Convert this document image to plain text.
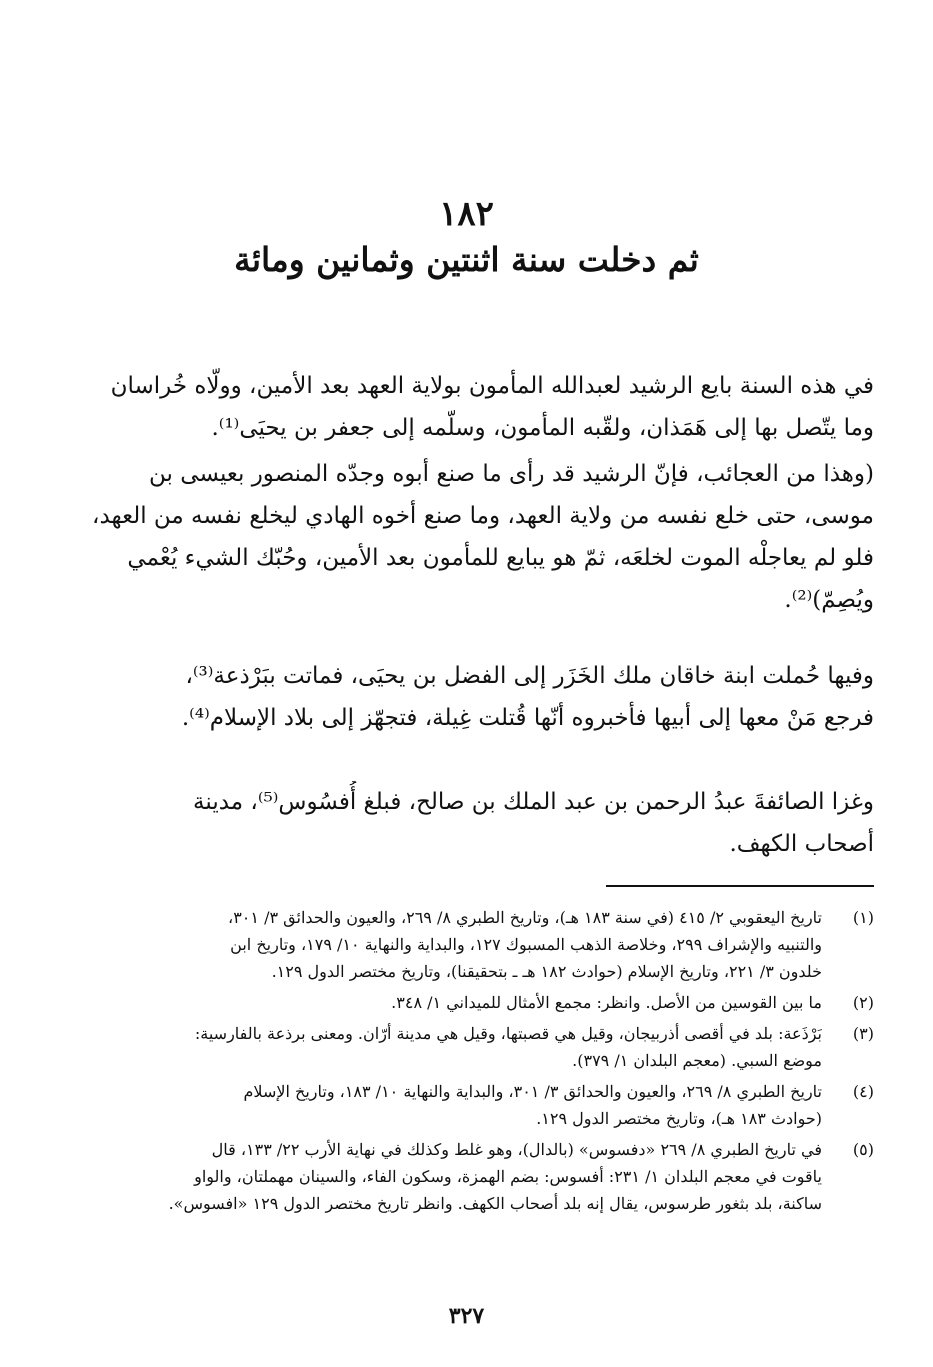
١٨٢
ثم دخلت سنة اثنتين وثمانين ومائة
في هذه السنة بايع الرشيد لعبدالله المأمون بولاية العهد بعد الأمين، وولّاه خُراسان
وما يتّصل بها إلى هَمَذان، ولقّبه المأمون، وسلّمه إلى جعفر بن يحيَى⁽¹⁾.
(وهذا من العجائب، فإنّ الرشيد قد رأى ما صنع أبوه وجدّه المنصور بعيسى بن
موسى، حتى خلع نفسه من ولاية العهد، وما صنع أخوه الهادي ليخلع نفسه من العهد،
فلو لم يعاجلْه الموت لخلعَه، ثمّ هو يبايع للمأمون بعد الأمين، وحُبّك الشيء يُعْمي
ويُصِمّ)⁽²⁾.
وفيها حُملت ابنة خاقان ملك الخَزَر إلى الفضل بن يحيَى، فماتت ببَرْذعة⁽³⁾،
فرجع مَنْ معها إلى أبيها فأخبروه أنّها قُتلت غِيلة، فتجهّز إلى بلاد الإسلام⁽⁴⁾.
وغزا الصائفةَ عبدُ الرحمن بن عبد الملك بن صالح، فبلغ أُفسُوس⁽⁵⁾، مدينة
أصحاب الكهف.
(١)
تاريخ اليعقوبي ٢/ ٤١٥ (في سنة ١٨٣ هـ)، وتاريخ الطبري ٨/ ٢٦٩، والعيون والحدائق ٣/ ٣٠١،
والتنبيه والإشراف ٢٩٩، وخلاصة الذهب المسبوك ١٢٧، والبداية والنهاية ١٠/ ١٧٩، وتاريخ ابن
خلدون ٣/ ٢٢١، وتاريخ الإسلام (حوادث ١٨٢ هـ ـ بتحقيقنا)، وتاريخ مختصر الدول ١٢٩.
(٢)
ما بين القوسين من الأصل. وانظر: مجمع الأمثال للميداني ١/ ٣٤٨.
(٣)
بَرْذَعة: بلد في أقصى أذربيجان، وقيل هي قصبتها، وقيل هي مدينة أرّان. ومعنى برذعة بالفارسية:
موضع السبي. (معجم البلدان ١/ ٣٧٩).
(٤)
تاريخ الطبري ٨/ ٢٦٩، والعيون والحدائق ٣/ ٣٠١، والبداية والنهاية ١٠/ ١٨٣، وتاريخ الإسلام
(حوادث ١٨٣ هـ)، وتاريخ مختصر الدول ١٢٩.
(٥)
في تاريخ الطبري ٨/ ٢٦٩ «دفسوس» (بالدال)، وهو غلط وكذلك في نهاية الأرب ٢٢/ ١٣٣، قال
ياقوت في معجم البلدان ١/ ٢٣١: أفسوس: بضم الهمزة، وسكون الفاء، والسينان مهملتان، والواو
ساكنة، بلد بثغور طرسوس، يقال إنه بلد أصحاب الكهف. وانظر تاريخ مختصر الدول ١٢٩ «افسوس».
٣٢٧
